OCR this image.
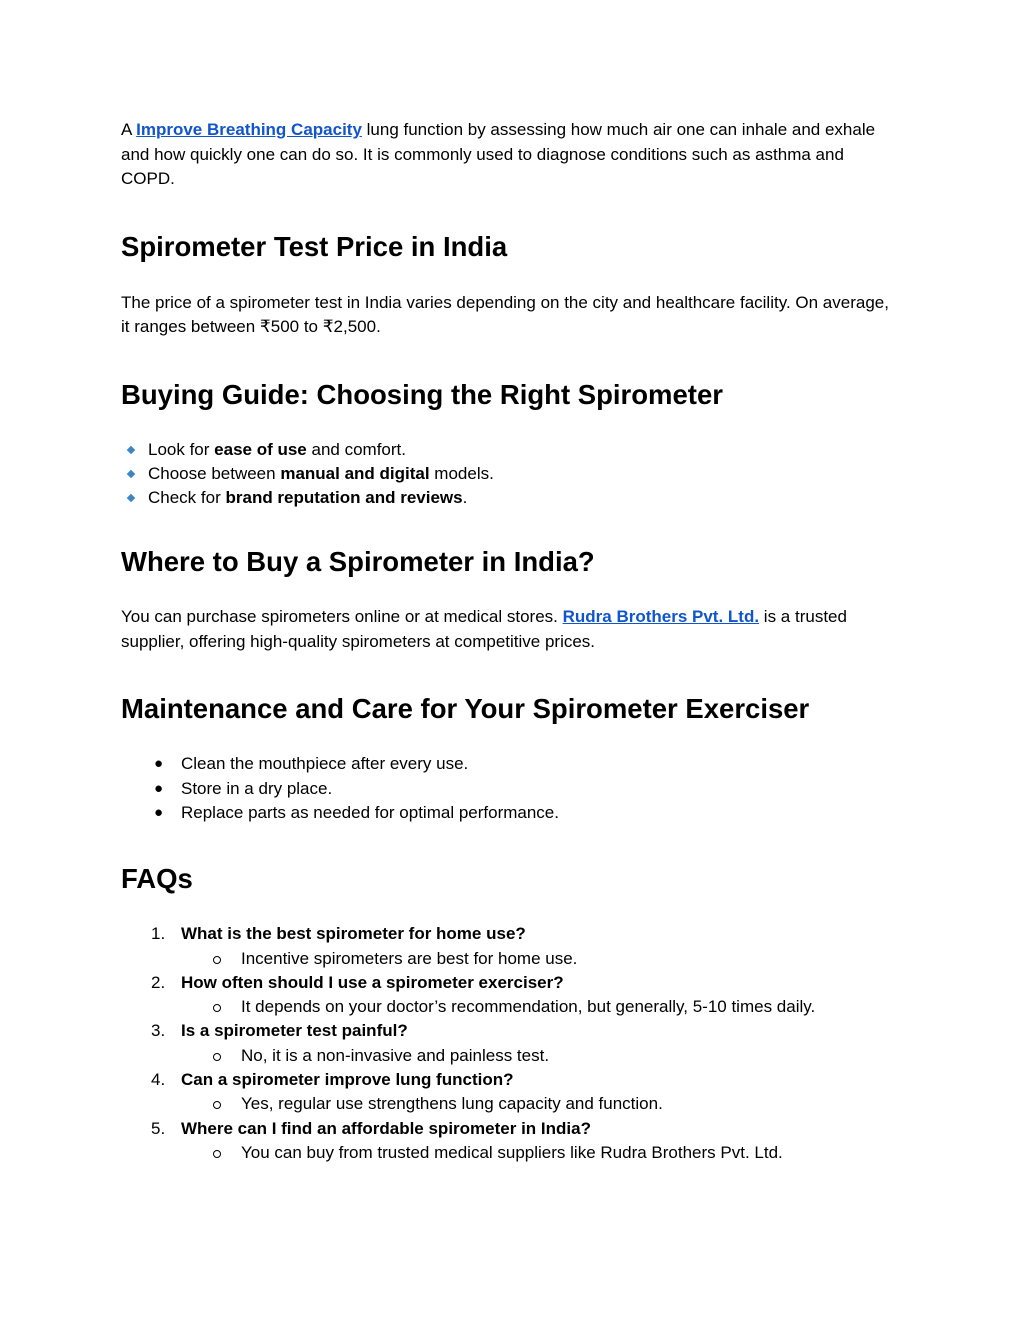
A Improve Breathing Capacity lung function by assessing how much air one can inhale and exhale and how quickly one can do so. It is commonly used to diagnose conditions such as asthma and COPD.

Spirometer Test Price in India

The price of a spirometer test in India varies depending on the city and healthcare facility. On average, it ranges between ₹500 to ₹2,500.

Buying Guide: Choosing the Right Spirometer
Look for ease of use and comfort.
Choose between manual and digital models.
Check for brand reputation and reviews.
Where to Buy a Spirometer in India?

You can purchase spirometers online or at medical stores. Rudra Brothers Pvt. Ltd. is a trusted supplier, offering high-quality spirometers at competitive prices.

Maintenance and Care for Your Spirometer Exerciser
● Clean the mouthpiece after every use.
● Store in a dry place.
● Replace parts as needed for optimal performance.
FAQs
1. What is the best spirometer for home use?
Incentive spirometers are best for home use.
2. How often should I use a spirometer exerciser?
It depends on your doctor’s recommendation, but generally, 5-10 times daily.
3. Is a spirometer test painful?
No, it is a non-invasive and painless test.
4. Can a spirometer improve lung function?
Yes, regular use strengthens lung capacity and function.
5. Where can I find an affordable spirometer in India?
You can buy from trusted medical suppliers like Rudra Brothers Pvt. Ltd.
